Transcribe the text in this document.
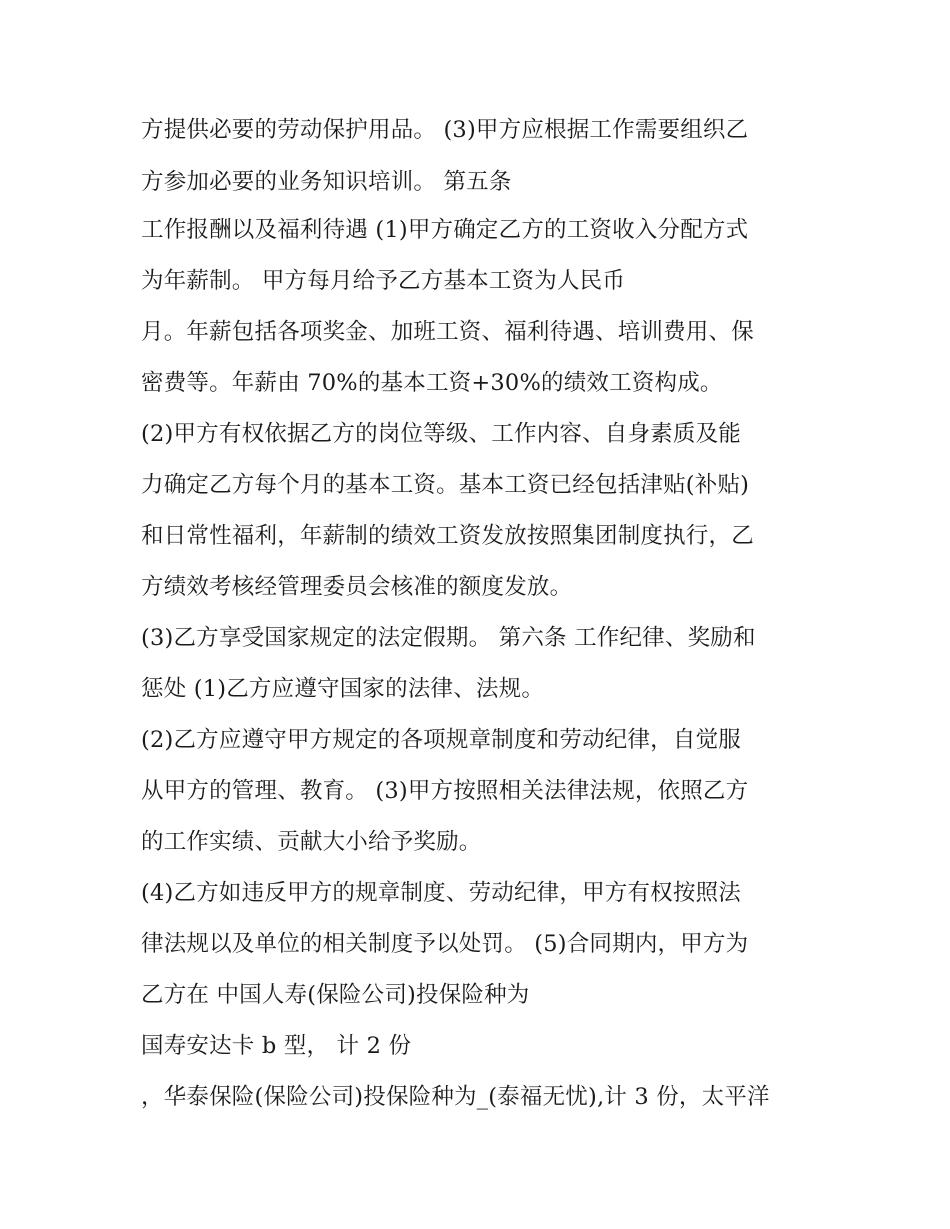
方提供必要的劳动保护用品。 (3)甲方应根据工作需要组织乙
方参加必要的业务知识培训。 第五条
工作报酬以及福利待遇 (1)甲方确定乙方的工资收入分配方式
为年薪制。 甲方每月给予乙方基本工资为人民币
月。年薪包括各项奖金、加班工资、福利待遇、培训费用、保
密费等。年薪由 70%的基本工资+30%的绩效工资构成。
(2)甲方有权依据乙方的岗位等级、工作内容、自身素质及能
力确定乙方每个月的基本工资。基本工资已经包括津贴(补贴)
和日常性福利，年薪制的绩效工资发放按照集团制度执行，乙
方绩效考核经管理委员会核准的额度发放。
(3)乙方享受国家规定的法定假期。 第六条 工作纪律、奖励和
惩处 (1)乙方应遵守国家的法律、法规。
(2)乙方应遵守甲方规定的各项规章制度和劳动纪律，自觉服
从甲方的管理、教育。 (3)甲方按照相关法律法规，依照乙方
的工作实绩、贡献大小给予奖励。
(4)乙方如违反甲方的规章制度、劳动纪律，甲方有权按照法
律法规以及单位的相关制度予以处罚。 (5)合同期内，甲方为
乙方在 中国人寿(保险公司)投保险种为
国寿安达卡 b 型， 计 2 份
，华泰保险(保险公司)投保险种为_(泰福无忧),计 3 份，太平洋
